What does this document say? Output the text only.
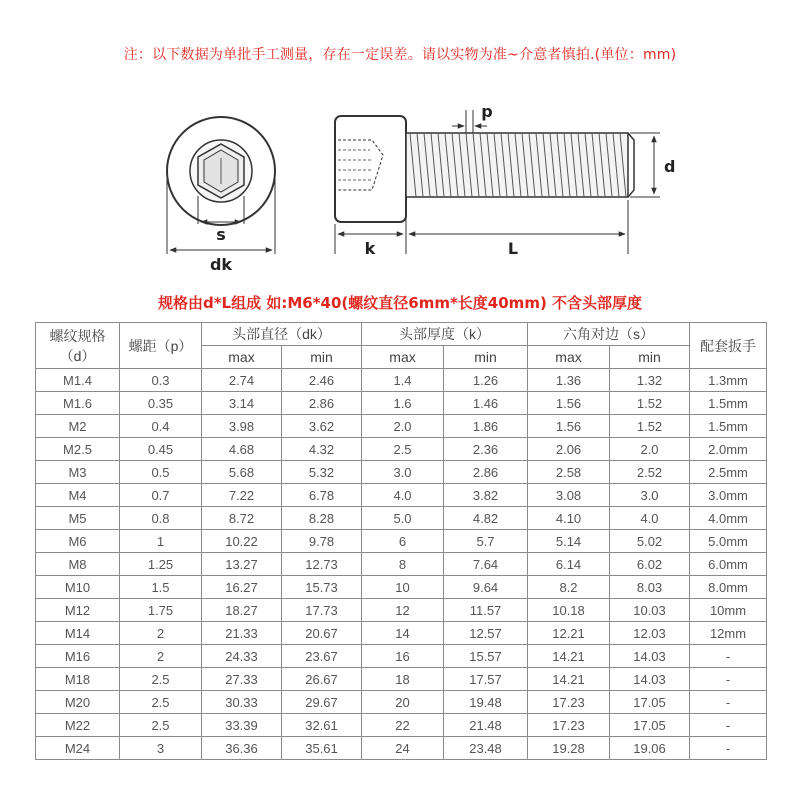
注：以下数据为单批手工测量，存在一定误差。请以实物为准~介意者慎拍.(单位：mm)
s
dk
k	L
d
p
规格由d*L组成 如:M6*40(螺纹直径6mm*长度40mm) 不含头部厚度
螺纹规格
（d）	螺距（p）	头部直径（dk）		头部厚度（k）		六角对边（s）		配套扳手
		max	min	max	min	max	min	
M1.4	0.3	2.74	2.46	1.4	1.26	1.36	1.32	1.3mm
M1.6	0.35	3.14	2.86	1.6	1.46	1.56	1.52	1.5mm
M2	0.4	3.98	3.62	2.0	1.86	1.56	1.52	1.5mm
M2.5	0.45	4.68	4.32	2.5	2.36	2.06	2.0	2.0mm
M3	0.5	5.68	5.32	3.0	2.86	2.58	2.52	2.5mm
M4	0.7	7.22	6.78	4.0	3.82	3.08	3.0	3.0mm
M5	0.8	8.72	8.28	5.0	4.82	4.10	4.0	4.0mm
M6	1	10.22	9.78	6	5.7	5.14	5.02	5.0mm
M8	1.25	13.27	12.73	8	7.64	6.14	6.02	6.0mm
M10	1.5	16.27	15.73	10	9.64	8.2	8.03	8.0mm
M12	1.75	18.27	17.73	12	11.57	10.18	10.03	10mm
M14	2	21.33	20.67	14	12.57	12.21	12.03	12mm
M16	2	24.33	23.67	16	15.57	14.21	14.03	-
M18	2.5	27.33	26.67	18	17.57	14.21	14.03	-
M20	2.5	30.33	29.67	20	19.48	17.23	17.05	-
M22	2.5	33.39	32.61	22	21.48	17.23	17.05	-
M24	3	36.36	35.61	24	23.48	19.28	19.06	-
